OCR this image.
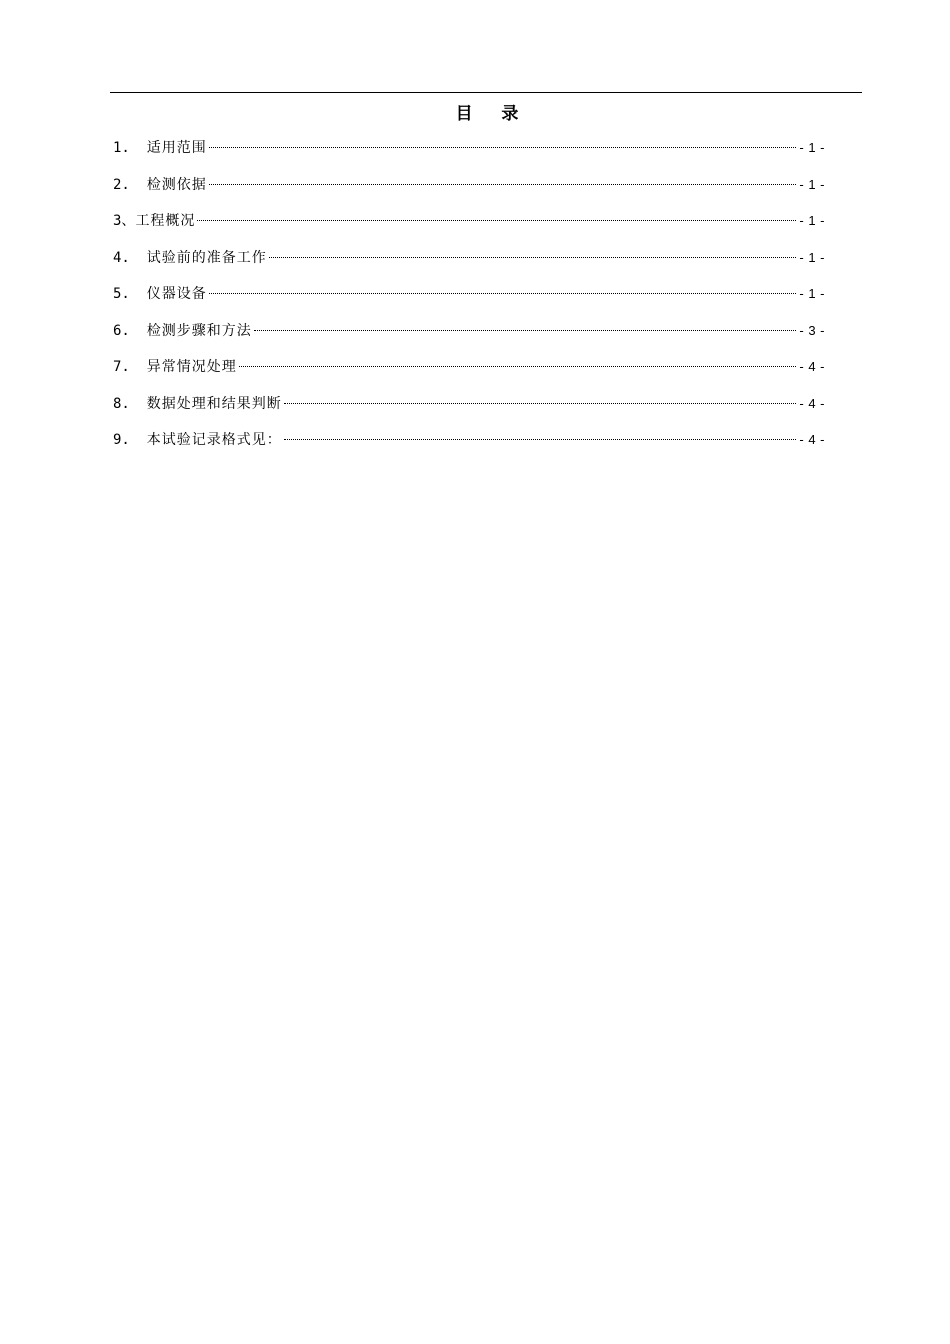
目    录
1. 适用范围	- 1 -
2. 检测依据	- 1 -
3、 工程概况	- 1 -
4. 试验前的准备工作	- 1 -
5. 仪器设备	- 1 -
6. 检测步骤和方法	- 3 -
7. 异常情况处理	- 4 -
8. 数据处理和结果判断	- 4 -
9. 本试验记录格式见：	- 4 -
